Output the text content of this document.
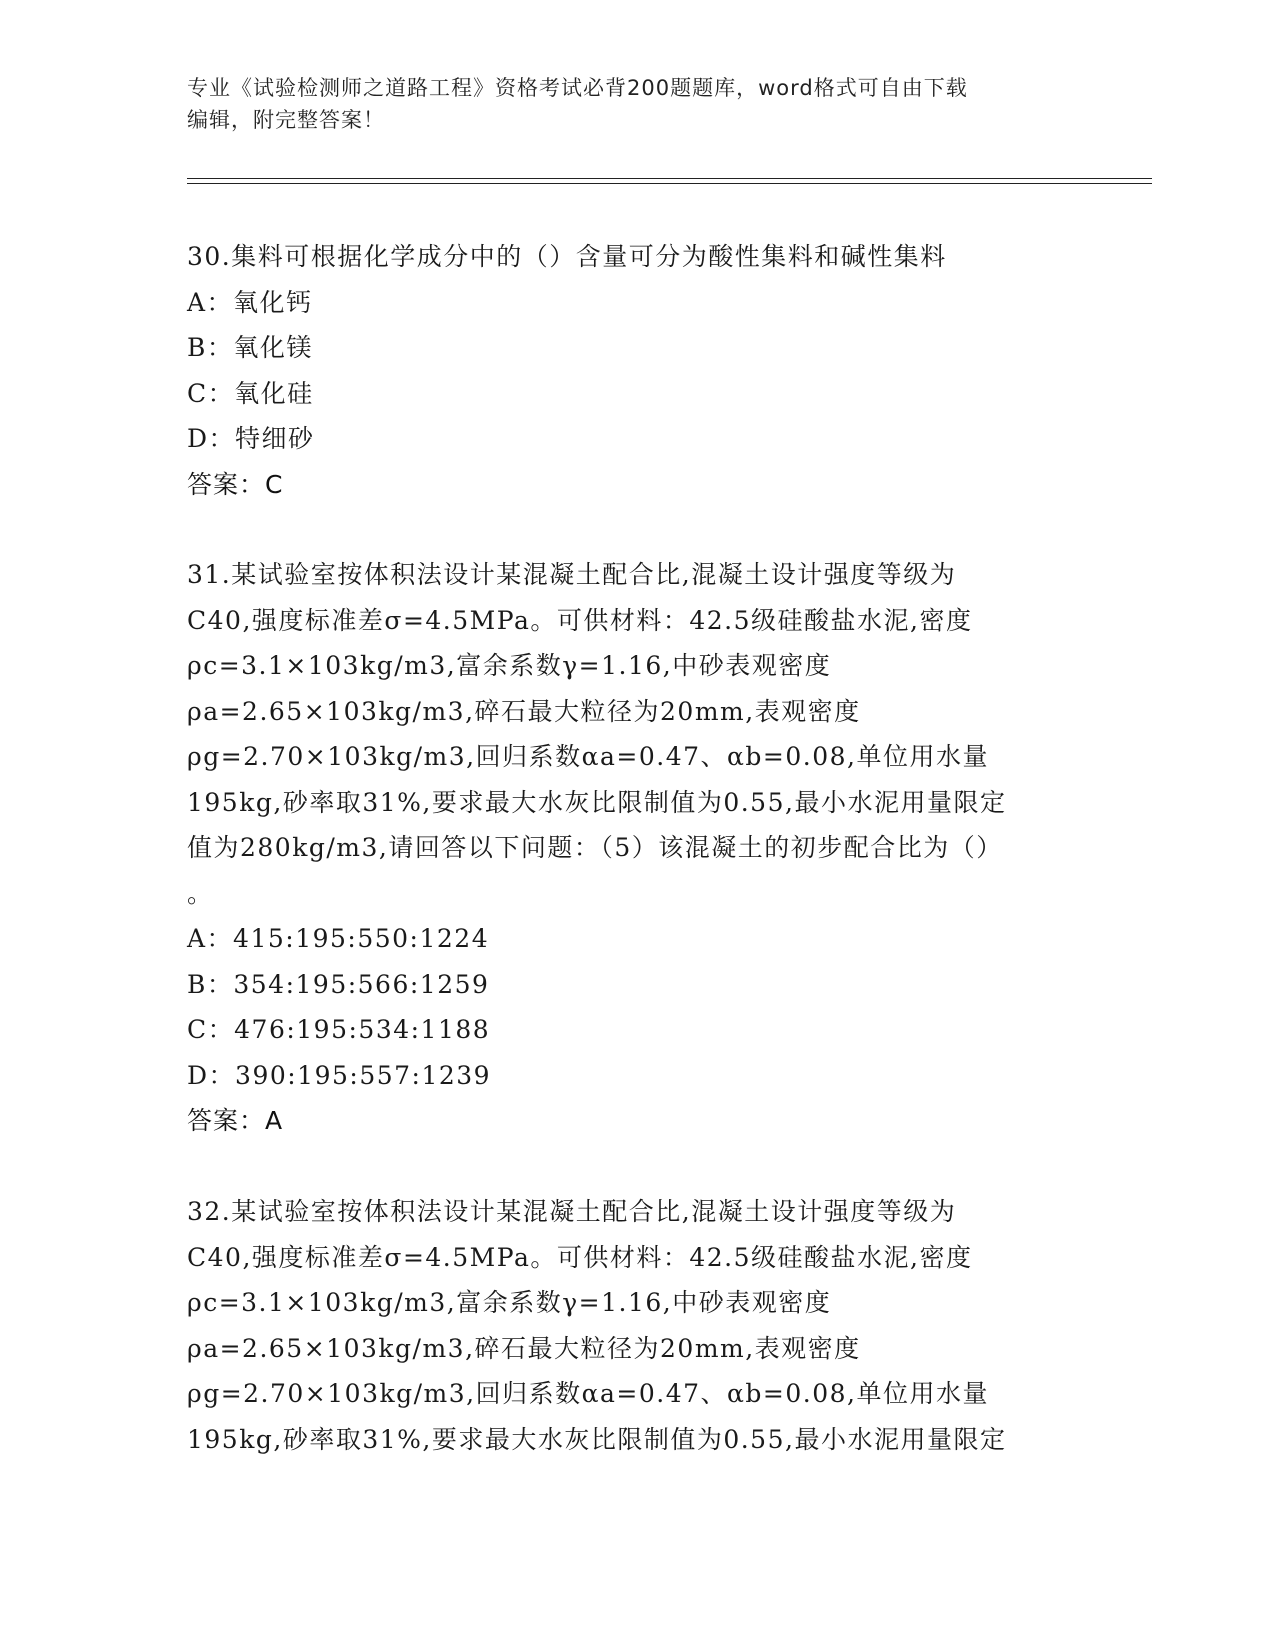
专业《试验检测师之道路工程》资格考试必背200题题库，word格式可自由下载
编辑，附完整答案！
30.集料可根据化学成分中的（）含量可分为酸性集料和碱性集料
A：氧化钙
B：氧化镁
C：氧化硅
D：特细砂
答案：C
31.某试验室按体积法设计某混凝土配合比,混凝土设计强度等级为
C40,强度标准差σ=4.5MPa。可供材料：42.5级硅酸盐水泥,密度
ρc=3.1×103kg/m3,富余系数γ=1.16,中砂表观密度
ρa=2.65×103kg/m3,碎石最大粒径为20mm,表观密度
ρg=2.70×103kg/m3,回归系数αa=0.47、αb=0.08,单位用水量
195kg,砂率取31%,要求最大水灰比限制值为0.55,最小水泥用量限定
值为280kg/m3,请回答以下问题：（5）该混凝土的初步配合比为（）
。
A：415:195:550:1224
B：354:195:566:1259
C：476:195:534:1188
D：390:195:557:1239
答案：A
32.某试验室按体积法设计某混凝土配合比,混凝土设计强度等级为
C40,强度标准差σ=4.5MPa。可供材料：42.5级硅酸盐水泥,密度
ρc=3.1×103kg/m3,富余系数γ=1.16,中砂表观密度
ρa=2.65×103kg/m3,碎石最大粒径为20mm,表观密度
ρg=2.70×103kg/m3,回归系数αa=0.47、αb=0.08,单位用水量
195kg,砂率取31%,要求最大水灰比限制值为0.55,最小水泥用量限定
